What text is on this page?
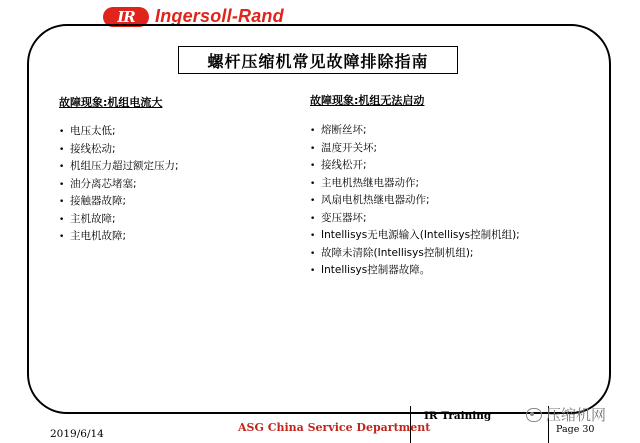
IR	Ingersoll-Rand
螺杆压缩机常见故障排除指南
故障现象:机组电流大
• 电压太低;
• 接线松动;
• 机组压力超过额定压力;
• 油分离芯堵塞;
• 接触器故障;
• 主机故障;
• 主电机故障;
故障现象:机组无法启动
• 熔断丝坏;
• 温度开关坏;
• 接线松开;
• 主电机热继电器动作;
• 风扇电机热继电器动作;
• 变压器坏;
• Intellisys无电源输入(Intellisys控制机组);
• 故障未清除(Intellisys控制机组);
• Intellisys控制器故障。
2019/6/14	ASG China Service Department
IR Training
Page 30
压缩机网
